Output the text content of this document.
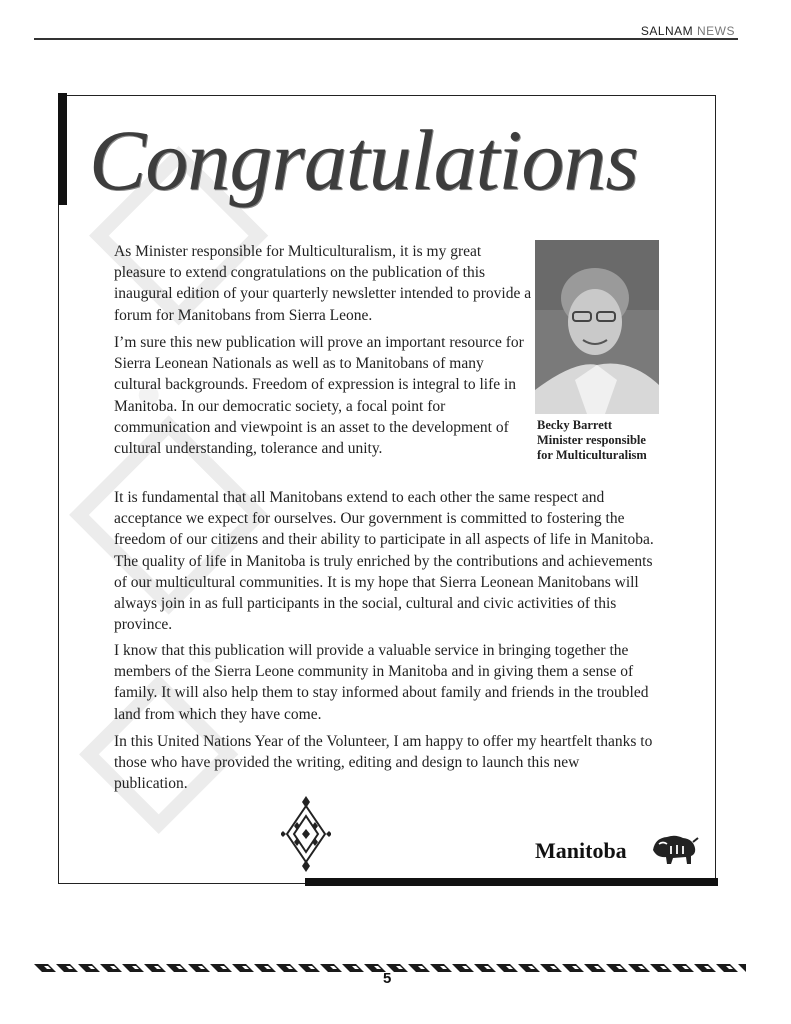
SALNAM NEWS
Congratulations
Becky Barrett
Minister responsible
for Multiculturalism

As Minister responsible for Multiculturalism, it is my great pleasure to extend congratulations on the publication of this inaugural edition of your quarterly newsletter intended to provide a forum for Manitobans from Sierra Leone.

I’m sure this new publication will prove an important resource for Sierra Leonean Nationals as well as to Manitobans of many cultural backgrounds. Freedom of expression is integral to life in Manitoba. In our democratic society, a focal point for communication and viewpoint is an asset to the development of cultural understanding, tolerance and unity.

It is fundamental that all Manitobans extend to each other the same respect and acceptance we expect for ourselves. Our government is committed to fostering the freedom of our citizens and their ability to participate in all aspects of life in Manitoba. The quality of life in Manitoba is truly enriched by the contributions and achievements of our multicultural communities. It is my hope that Sierra Leonean Manitobans will always join in as full participants in the social, cultural and civic activities of this province.

I know that this publication will provide a valuable service in bringing together the members of the Sierra Leone community in Manitoba and in giving them a sense of family. It will also help them to stay informed about family and friends in the troubled land from which they have come.

In this United Nations Year of the Volunteer, I am happy to offer my heartfelt thanks to those who have provided the writing, editing and design to launch this new publication.

Manitoba
5
